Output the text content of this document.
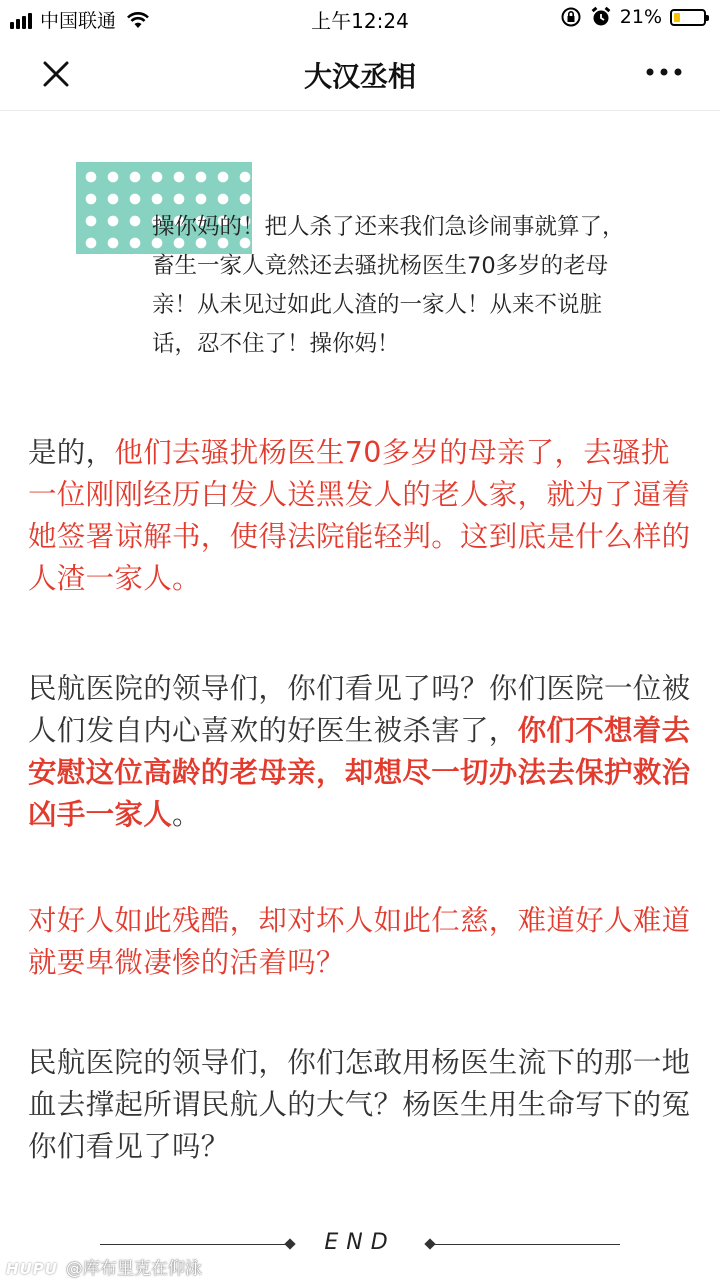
中国联通	上午12:24	21%
大汉丞相
操你妈的！把人杀了还来我们急诊闹事就算了，畜生一家人竟然还去骚扰杨医生70多岁的老母亲！从未见过如此人渣的一家人！从来不说脏话，忍不住了！操你妈！
是的，他们去骚扰杨医生70多岁的母亲了，去骚扰一位刚刚经历白发人送黑发人的老人家，就为了逼着她签署谅解书，使得法院能轻判。这到底是什么样的人渣一家人。
民航医院的领导们，你们看见了吗？你们医院一位被人们发自内心喜欢的好医生被杀害了，你们不想着去安慰这位高龄的老母亲，却想尽一切办法去保护救治凶手一家人。
对好人如此残酷，却对坏人如此仁慈，难道好人难道就要卑微凄惨的活着吗？
民航医院的领导们，你们怎敢用杨医生流下的那一地血去撑起所谓民航人的大气？杨医生用生命写下的冤你们看见了吗？
END
HUPU @库布里克在仰泳
